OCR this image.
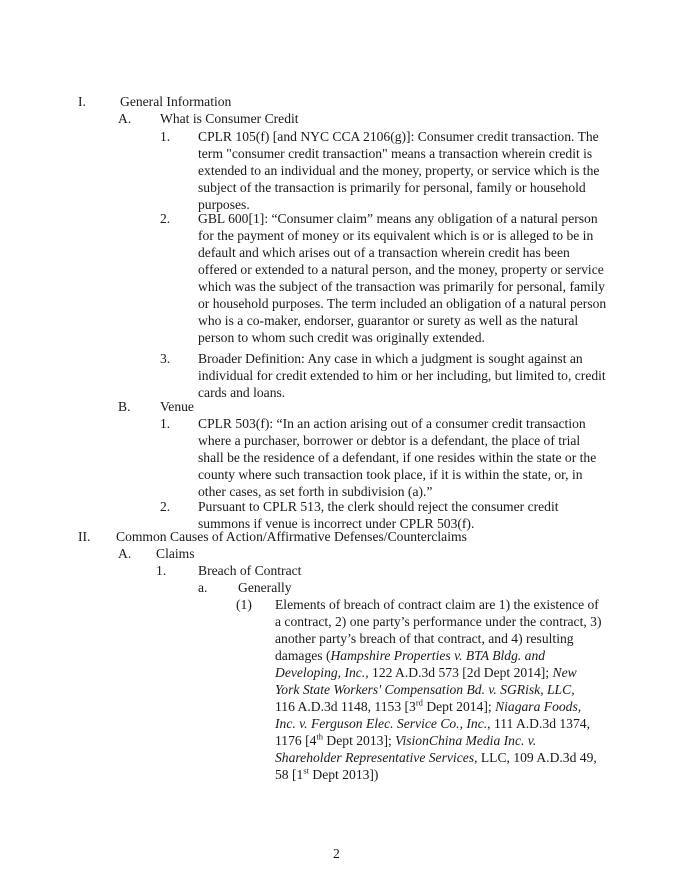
I.	General Information
A. What is Consumer Credit
1. CPLR 105(f) [and NYC CCA 2106(g)]: Consumer credit transaction. The
term "consumer credit transaction" means a transaction wherein credit is
extended to an individual and the money, property, or service which is the
subject of the transaction is primarily for personal, family or household
purposes.
2. GBL 600[1]: “Consumer claim” means any obligation of a natural person
for the payment of money or its equivalent which is or is alleged to be in
default and which arises out of a transaction wherein credit has been
offered or extended to a natural person, and the money, property or service
which was the subject of the transaction was primarily for personal, family
or household purposes. The term included an obligation of a natural person
who is a co-maker, endorser, guarantor or surety as well as the natural
person to whom such credit was originally extended.
3. Broader Definition: Any case in which a judgment is sought against an
individual for credit extended to him or her including, but limited to, credit
cards and loans.
B. Venue
1. CPLR 503(f): “In an action arising out of a consumer credit transaction
where a purchaser, borrower or debtor is a defendant, the place of trial
shall be the residence of a defendant, if one resides within the state or the
county where such transaction took place, if it is within the state, or, in
other cases, as set forth in subdivision (a).”
2. Pursuant to CPLR 513, the clerk should reject the consumer credit
summons if venue is incorrect under CPLR 503(f).
II. Common Causes of Action/Affirmative Defenses/Counterclaims
A. Claims
1. Breach of Contract
a. Generally
(1) Elements of breach of contract claim are 1) the existence of
a contract, 2) one party’s performance under the contract, 3)
another party’s breach of that contract, and 4) resulting
damages (Hampshire Properties v. BTA Bldg. and
Developing, Inc., 122 A.D.3d 573 [2d Dept 2014]; New
York State Workers' Compensation Bd. v. SGRisk, LLC,
116 A.D.3d 1148, 1153 [3rd Dept 2014]; Niagara Foods,
Inc. v. Ferguson Elec. Service Co., Inc., 111 A.D.3d 1374,
1176 [4th Dept 2013]; VisionChina Media Inc. v.
Shareholder Representative Services, LLC, 109 A.D.3d 49,
58 [1st Dept 2013])
2
